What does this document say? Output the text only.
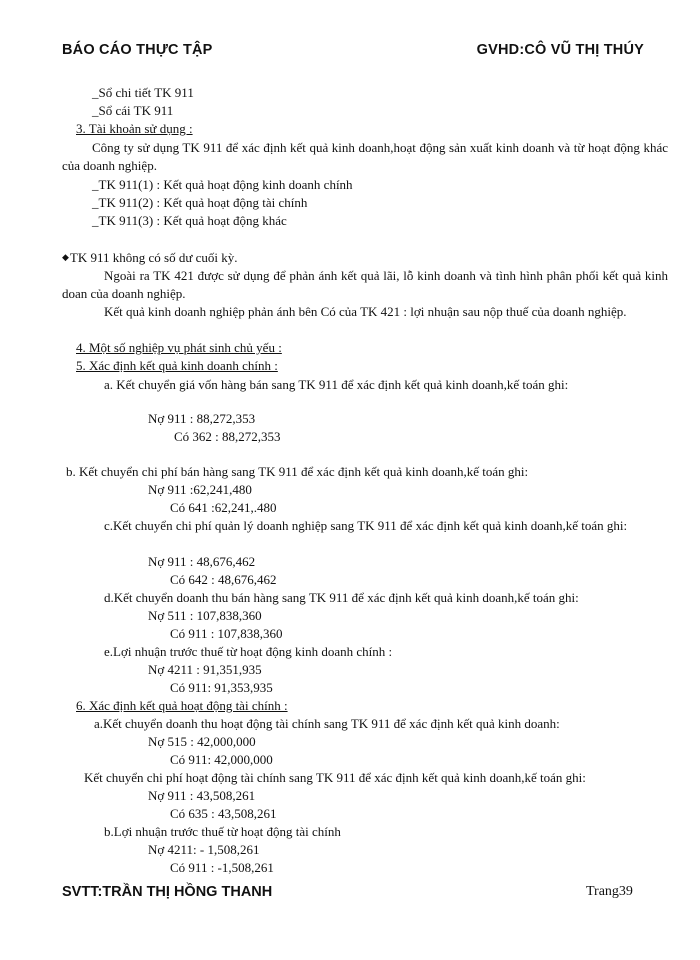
BÁO CÁO THỰC TẬP	GVHD:CÔ VŨ THỊ THÚY
_Sổ chi tiết TK 911
_Sổ cái TK 911
3. Tài khoản sử dụng :
Công ty sử dụng TK 911 để xác định kết quả kinh doanh,hoạt động sản xuất kinh doanh và từ hoạt động khác của doanh nghiệp.
_TK 911(1) : Kết quả hoạt động kinh doanh chính
_TK 911(2) : Kết quả hoạt động tài chính
_TK 911(3) : Kết quả hoạt động khác
◆TK 911 không có số dư cuối kỳ.
Ngoài ra TK 421 được sử dụng để phản ánh kết quả lãi, lỗ kinh doanh và tình hình phân phối kết quả kinh doan của doanh nghiệp.
Kết quả kinh doanh nghiệp phản ánh bên Có của TK 421 : lợi nhuận sau nộp thuế của doanh nghiệp.
4. Một số nghiệp vụ phát sinh chủ yếu :
5. Xác định kết quả kinh doanh chính :
a. Kết chuyển giá vốn hàng bán sang TK 911 để xác định kết quả kinh doanh,kế toán ghi:
Nợ 911 : 88,272,353
Có 362 : 88,272,353
b. Kết chuyển chi phí bán hàng sang TK 911 để xác định kết quả kinh doanh,kế toán ghi:
Nợ 911 :62,241,480
Có 641 :62,241,.480
c.Kết chuyển chi phí quản lý doanh nghiệp sang TK 911 để xác định kết quả kinh doanh,kế toán ghi:
Nợ 911 : 48,676,462
Có 642 : 48,676,462
d.Kết chuyển doanh thu bán hàng sang TK 911 để xác định kết quả kinh doanh,kế toán ghi:
Nợ 511 : 107,838,360
Có 911 : 107,838,360
e.Lợi nhuận trước thuế từ hoạt động kinh doanh chính :
Nợ 4211 : 91,351,935
Có 911: 91,353,935
6. Xác định kết quả hoạt động tài chính :
a.Kết chuyển doanh thu hoạt động tài chính sang TK 911 để xác định kết quả kinh doanh:
Nợ 515 : 42,000,000
Có 911: 42,000,000
Kết chuyển chi phí hoạt động tài chính sang TK 911 để xác định kết quả kinh doanh,kế toán ghi:
Nợ 911 : 43,508,261
Có 635 : 43,508,261
b.Lợi nhuận trước thuế từ hoạt động tài chính
Nợ 4211: - 1,508,261
Có 911 : -1,508,261
SVTT:TRẦN THỊ HỒNG THANH	Trang39
